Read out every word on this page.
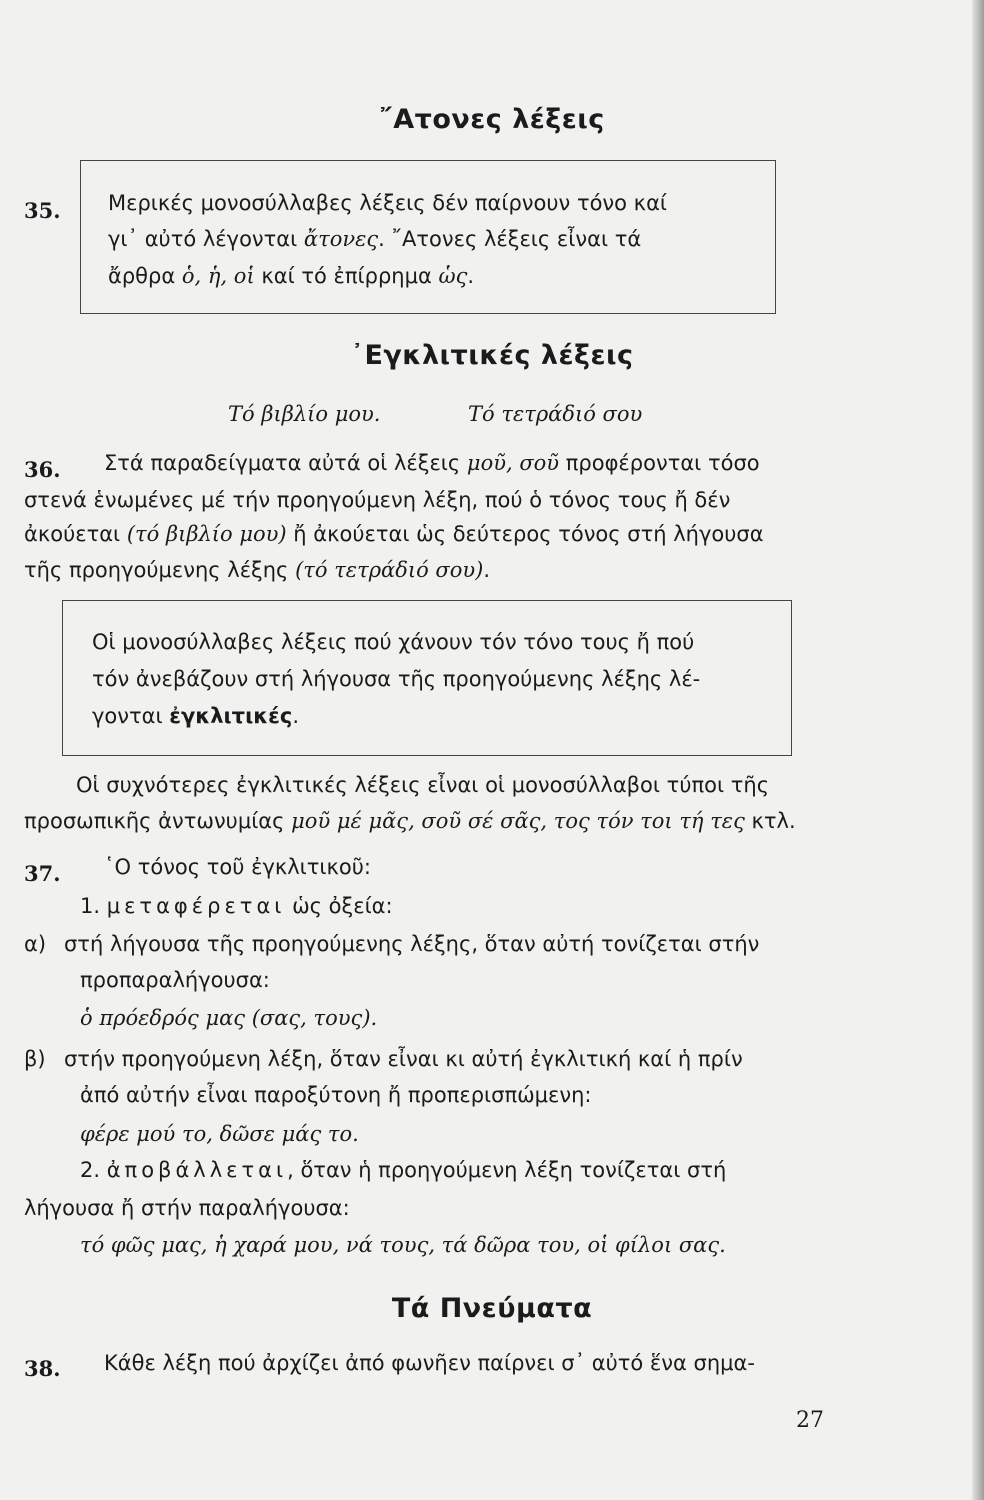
῎Ατονες λέξεις
35. Μερικές μονοσύλλαβες λέξεις δέν παίρνουν τόνο καί
γι᾽ αὐτό λέγονται ἄτονες. ῎Ατονες λέξεις εἶναι τά
ἄρθρα ὁ, ἡ, οἱ καί τό ἐπίρρημα ὡς.
᾿Εγκλιτικές λέξεις
Τό βιβλίο μου.	Τό τετράδιό σου
36. Στά παραδείγματα αὐτά οἱ λέξεις μοῦ, σοῦ προφέρονται τόσο
στενά ἑνωμένες μέ τήν προηγούμενη λέξη, πού ὁ τόνος τους ἤ δέν
ἀκούεται (τό βιβλίο μου) ἤ ἀκούεται ὡς δεύτερος τόνος στή λήγουσα
τῆς προηγούμενης λέξης (τό τετράδιό σου).
Οἱ μονοσύλλαβες λέξεις πού χάνουν τόν τόνο τους ἤ πού
τόν ἀνεβάζουν στή λήγουσα τῆς προηγούμενης λέξης λέ-
γονται ἐγκλιτικές.
Οἱ συχνότερες ἐγκλιτικές λέξεις εἶναι οἱ μονοσύλλαβοι τύποι τῆς
προσωπικῆς ἀντωνυμίας μοῦ μέ μᾶς, σοῦ σέ σᾶς, τος τόν τοι τή τες κτλ.
37. ῾Ο τόνος τοῦ ἐγκλιτικοῦ:
1. μεταφέρεται ὡς ὀξεία:
α) στή λήγουσα τῆς προηγούμενης λέξης, ὅταν αὐτή τονίζεται στήν
προπαραλήγουσα:
ὁ πρόεδρός μας (σας, τους).
β) στήν προηγούμενη λέξη, ὅταν εἶναι κι αὐτή ἐγκλιτική καί ἡ πρίν
ἀπό αὐτήν εἶναι παροξύτονη ἤ προπερισπώμενη:
φέρε μού το, δῶσε μάς το.
2. ἀποβάλλεται, ὅταν ἡ προηγούμενη λέξη τονίζεται στή
λήγουσα ἤ στήν παραλήγουσα:
τό φῶς μας, ἡ χαρά μου, νά τους, τά δῶρα του, οἱ φίλοι σας.
Τά Πνεύματα
38. Κάθε λέξη πού ἀρχίζει ἀπό φωνῆεν παίρνει σ᾽ αὐτό ἕνα σημα-
27
